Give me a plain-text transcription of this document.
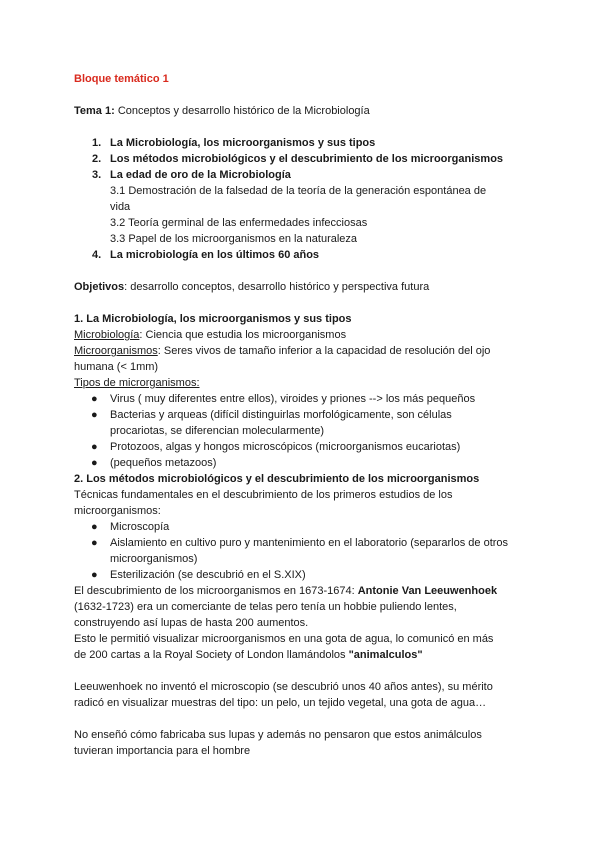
Bloque temático 1
Tema 1: Conceptos y desarrollo histórico de la Microbiología
1. La Microbiología, los microorganismos y sus tipos
2. Los métodos microbiológicos y el descubrimiento de los microorganismos
3. La edad de oro de la Microbiología
3.1 Demostración de la falsedad de la teoría de la generación espontánea de vida
3.2 Teoría germinal de las enfermedades infecciosas
3.3 Papel de los microorganismos en la naturaleza
4. La microbiología en los últimos 60 años
Objetivos: desarrollo conceptos, desarrollo histórico y perspectiva futura
1. La Microbiología, los microorganismos y sus tipos
Microbiología: Ciencia que estudia los microorganismos
Microorganismos: Seres vivos de tamaño inferior a la capacidad de resolución del ojo
humana (< 1mm)
Tipos de microrganismos:
● Virus ( muy diferentes entre ellos), viroides y priones --> los más pequeños
● Bacterias y arqueas (difícil distinguirlas morfológicamente, son células procariotas, se diferencian molecularmente)
● Protozoos, algas y hongos microscópicos (microorganismos eucariotas)
● (pequeños metazoos)
2. Los métodos microbiológicos y el descubrimiento de los microorganismos
Técnicas fundamentales en el descubrimiento de los primeros estudios de los
microorganismos:
● Microscopía
● Aislamiento en cultivo puro y mantenimiento en el laboratorio (separarlos de otros microorganismos)
● Esterilización (se descubrió en el S.XIX)
El descubrimiento de los microorganismos en 1673-1674: Antonie Van Leeuwenhoek
(1632-1723) era un comerciante de telas pero tenía un hobbie puliendo lentes,
construyendo así lupas de hasta 200 aumentos.
Esto le permitió visualizar microorganismos en una gota de agua, lo comunicó en más
de 200 cartas a la Royal Society of London llamándolos "animalculos"
Leeuwenhoek no inventó el microscopio (se descubrió unos 40 años antes), su mérito
radicó en visualizar muestras del tipo: un pelo, un tejido vegetal, una gota de agua…
No enseñó cómo fabricaba sus lupas y además no pensaron que estos animálculos
tuvieran importancia para el hombre
